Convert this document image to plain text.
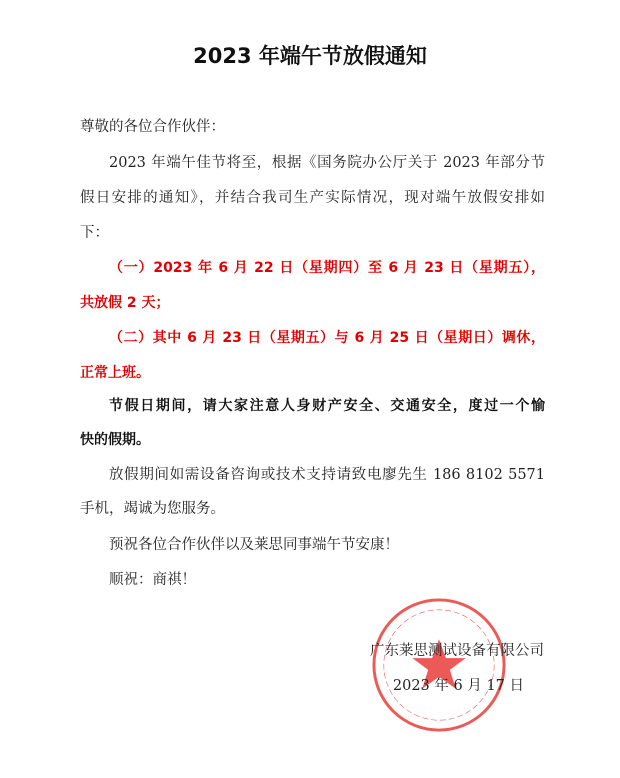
2023 年端午节放假通知
尊敬的各位合作伙伴：
2023 年端午佳节将至，根据《国务院办公厅关于 2023 年部分节
假日安排的通知》，并结合我司生产实际情况，现对端午放假安排如
下：
（一）2023 年 6 月 22 日（星期四）至 6 月 23 日（星期五），
共放假 2 天；
（二）其中 6 月 23 日（星期五）与 6 月 25 日（星期日）调休，
正常上班。
节假日期间，请大家注意人身财产安全、交通安全，度过一个愉
快的假期。
放假期间如需设备咨询或技术支持请致电廖先生 186 8102 5571
手机，竭诚为您服务。
预祝各位合作伙伴以及莱思同事端午节安康！
顺祝：商祺！
广东莱思测试设备有限公司
2023 年 6 月 17 日
